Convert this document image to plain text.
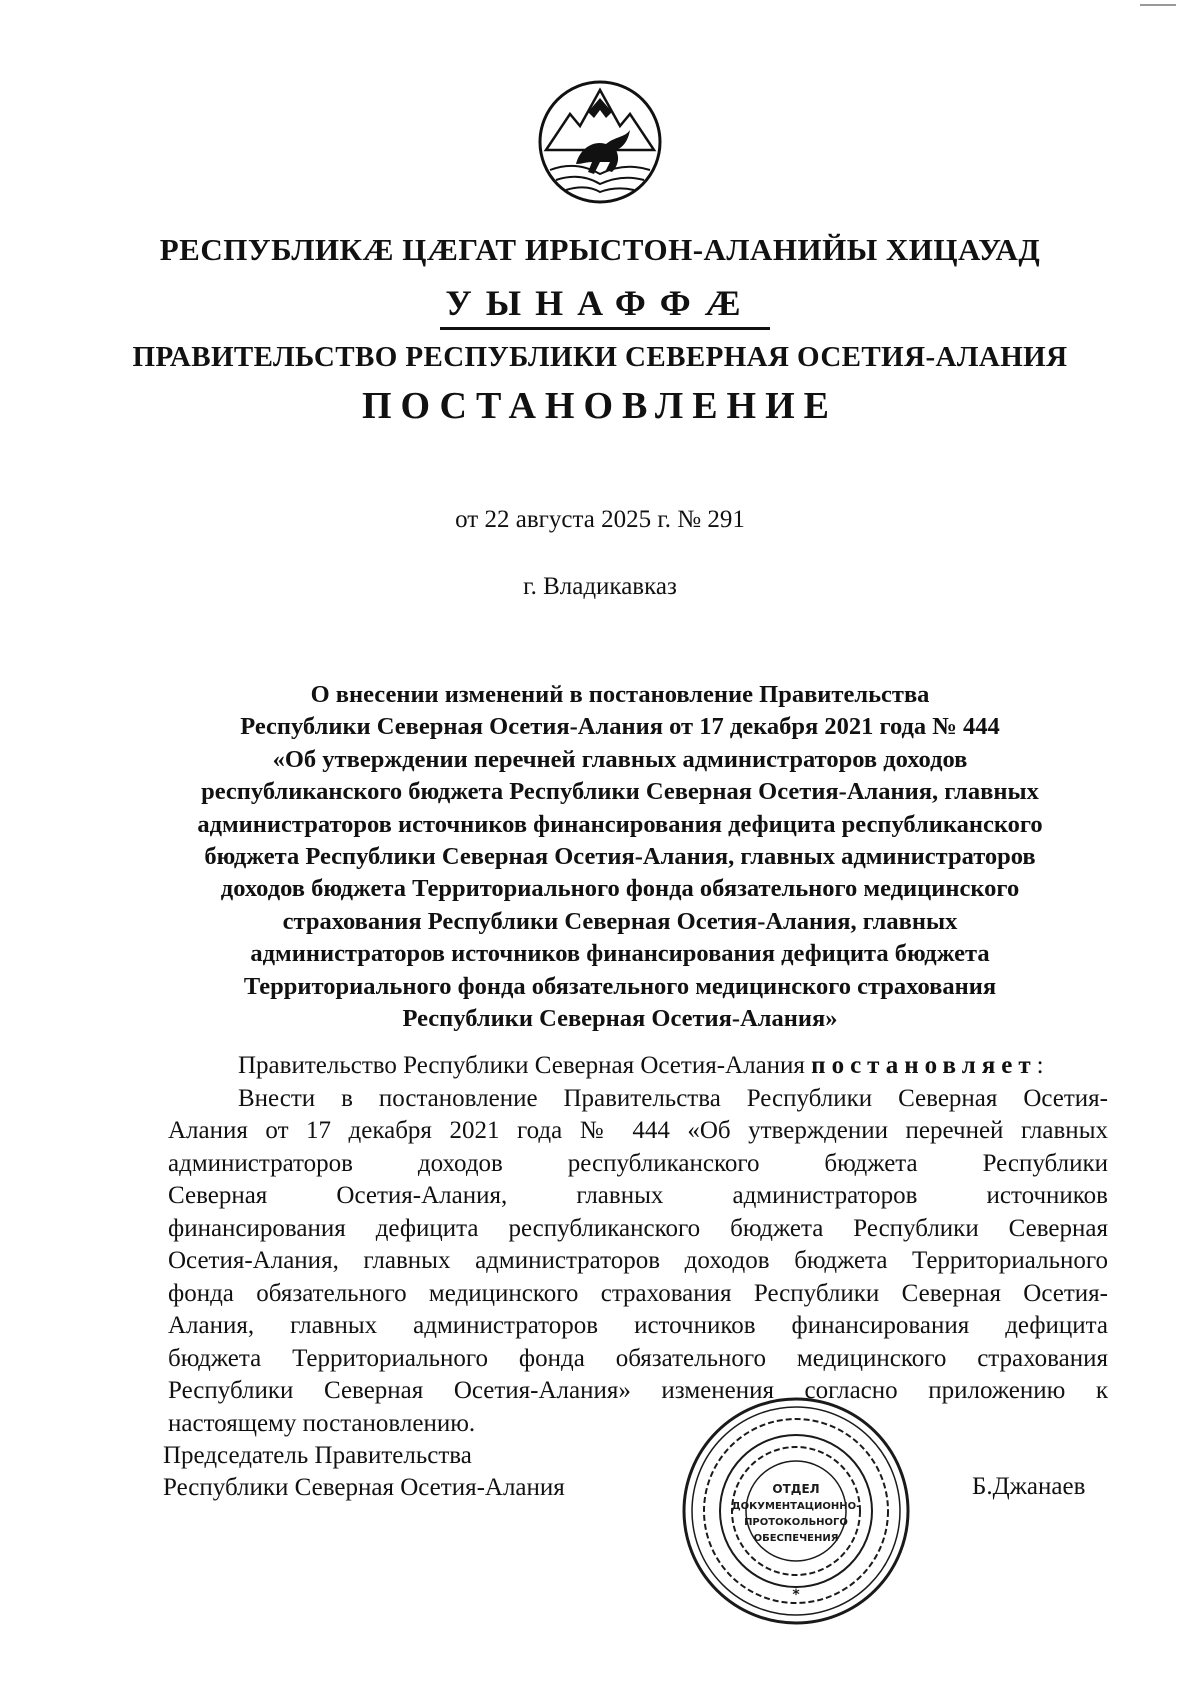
РЕСПУБЛИКӔ ЦӔГАТ ИРЫСТОН-АЛАНИЙЫ ХИЦАУАД
УЫНАФФӔ
ПРАВИТЕЛЬСТВО РЕСПУБЛИКИ СЕВЕРНАЯ ОСЕТИЯ-АЛАНИЯ
ПОСТАНОВЛЕНИЕ
от 22 августа 2025 г. № 291
г. Владикавказ
О внесении изменений в постановление Правительства
Республики Северная Осетия-Алания от 17 декабря 2021 года № 444
«Об утверждении перечней главных администраторов доходов
республиканского бюджета Республики Северная Осетия-Алания, главных
администраторов источников финансирования дефицита республиканского
бюджета Республики Северная Осетия-Алания, главных администраторов
доходов бюджета Территориального фонда обязательного медицинского
страхования Республики Северная Осетия-Алания, главных
администраторов источников финансирования дефицита бюджета
Территориального фонда обязательного медицинского страхования
Республики Северная Осетия-Алания»
Правительство Республики Северная Осетия-Алания постановляет:
Внести в постановление Правительства Республики Северная Осетия-
Алания от 17 декабря 2021 года № 444 «Об утверждении перечней главных
администраторов доходов республиканского бюджета Республики
Северная Осетия-Алания, главных администраторов источников
финансирования дефицита республиканского бюджета Республики Северная
Осетия-Алания, главных администраторов доходов бюджета Территориального
фонда обязательного медицинского страхования Республики Северная Осетия-
Алания, главных администраторов источников финансирования дефицита
бюджета Территориального фонда обязательного медицинского страхования
Республики Северная Осетия-Алания» изменения согласно приложению к
настоящему постановлению.
Председатель Правительства
Республики Северная Осетия-Алания	ОТДЕЛ
ДОКУМЕНТАЦИОННО-
ПРОТОКОЛЬНОГО
ОБЕСПЕЧЕНИЯ
*
Б.Джанаев
